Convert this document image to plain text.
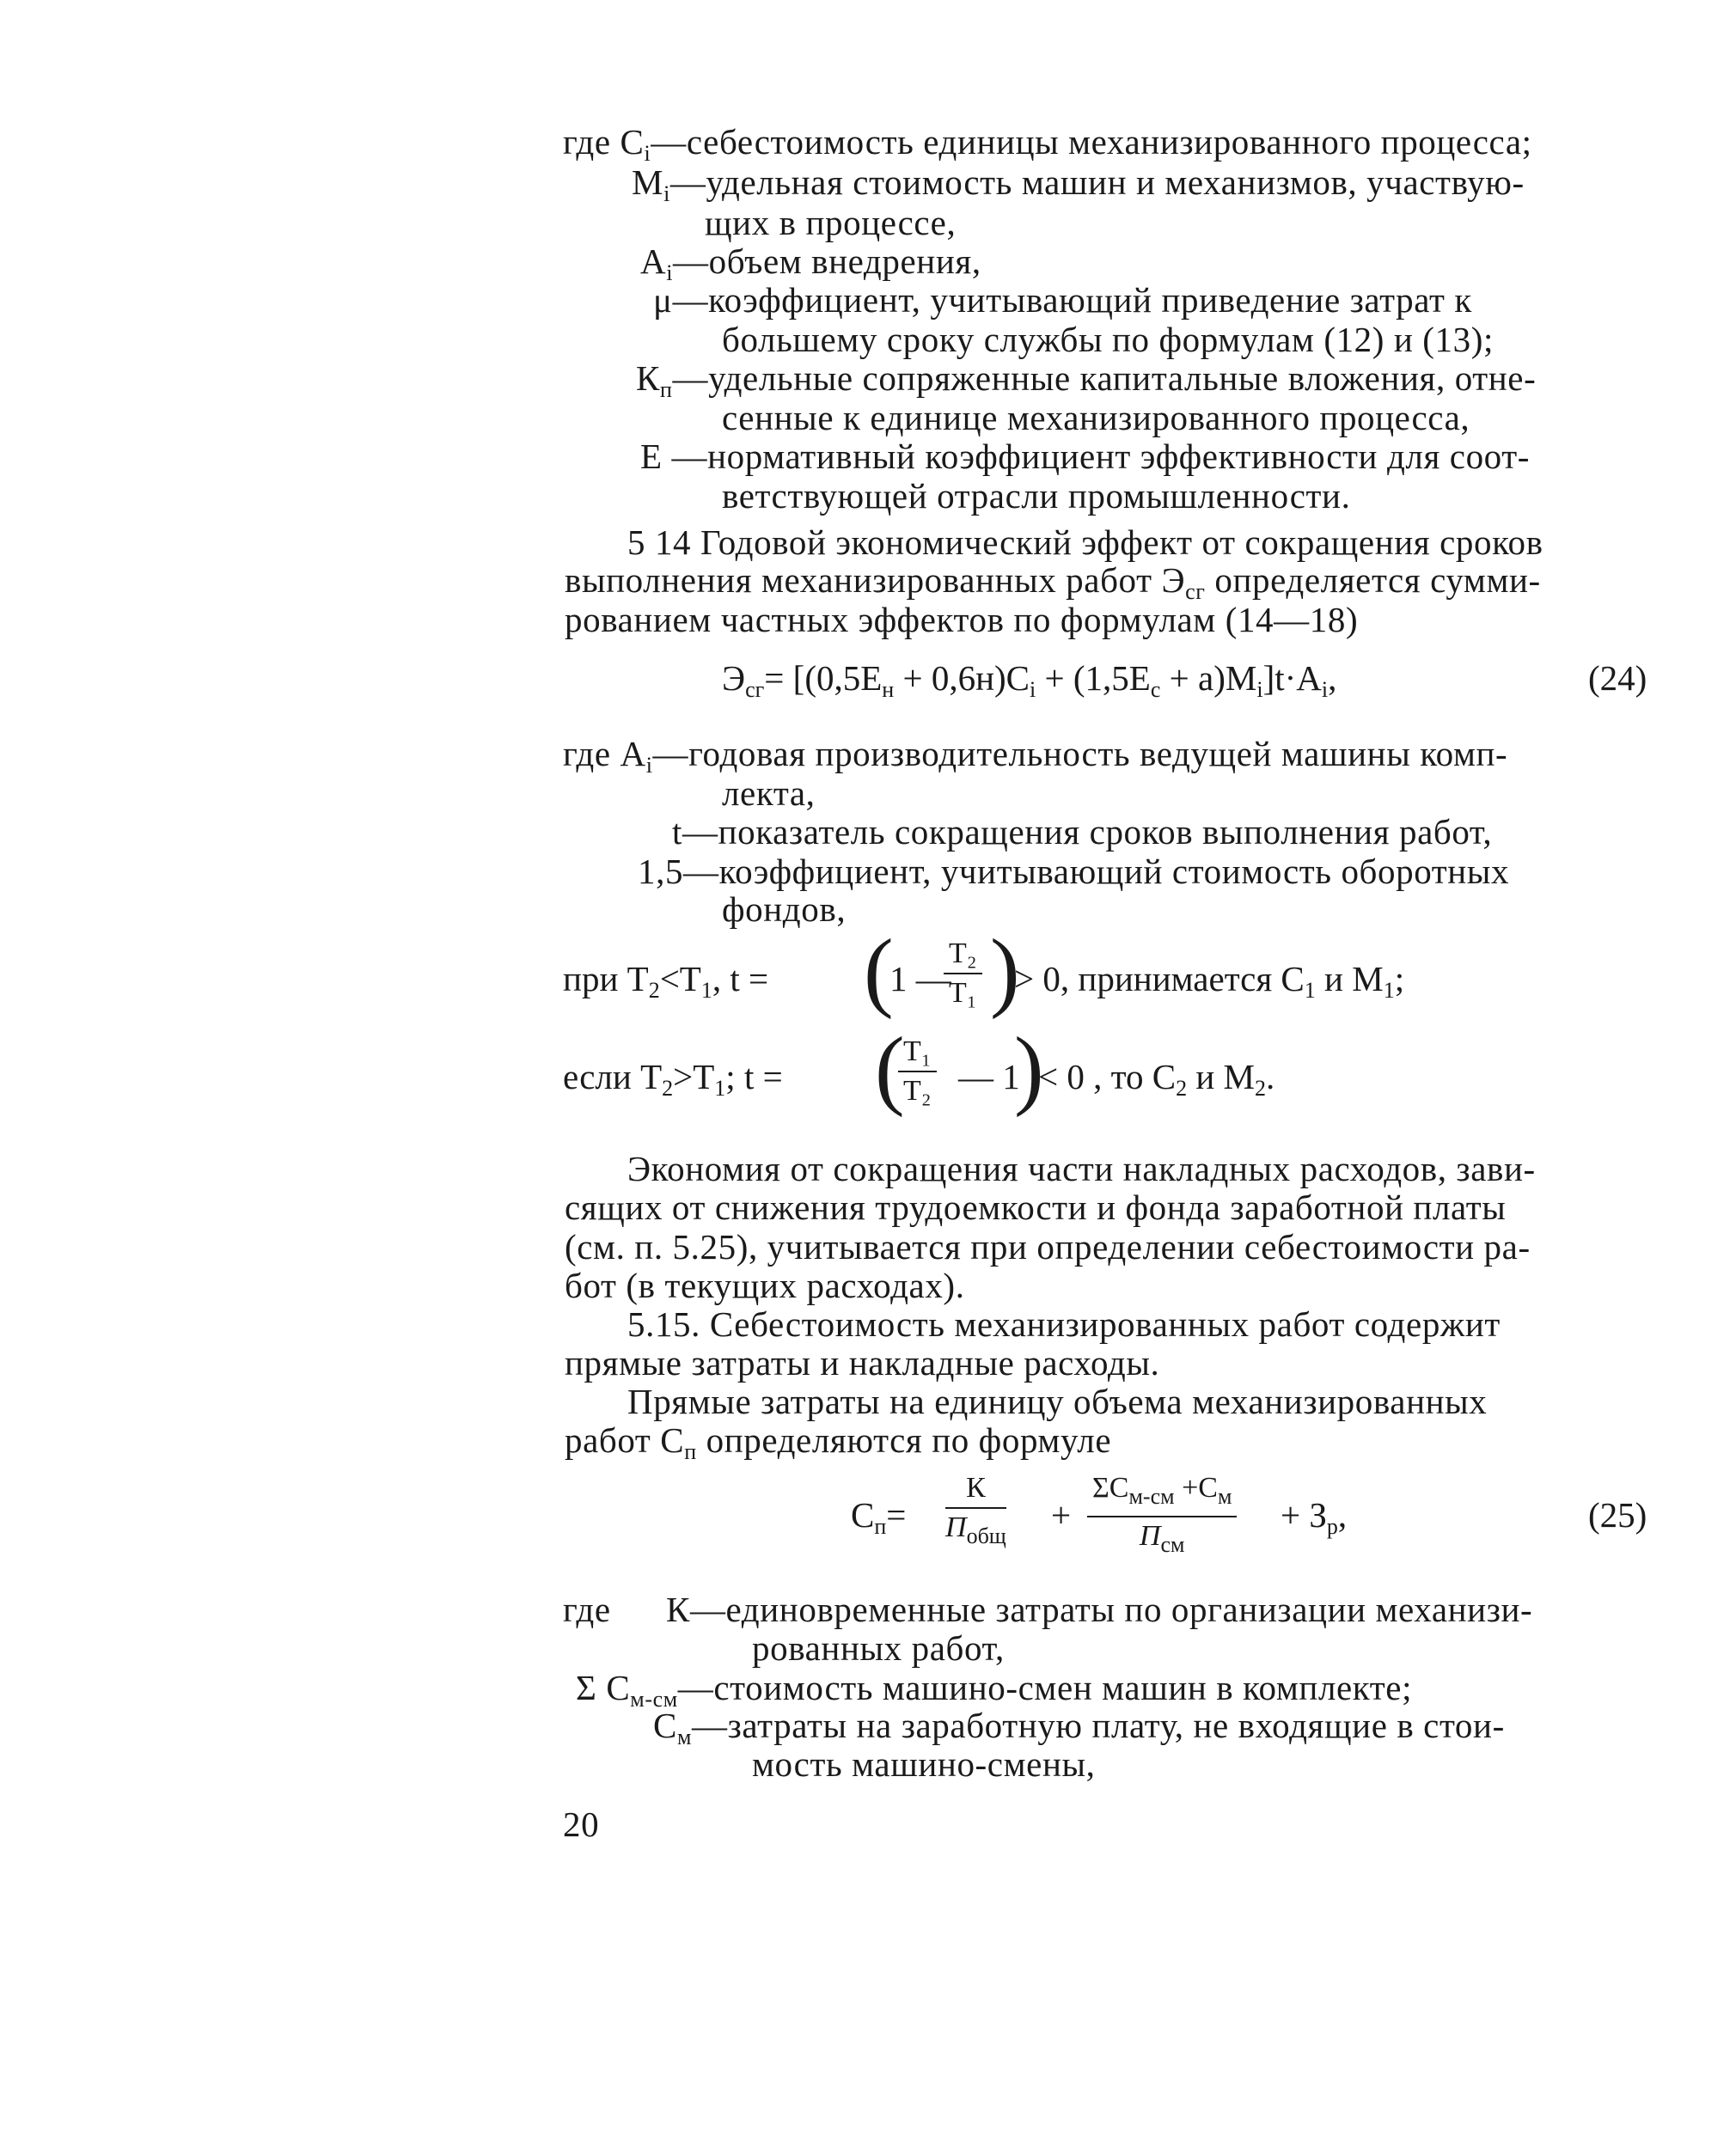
где $С_i—себестоимость$ единицы механизированного процесса;
$М_i—удельная$ стоимость машин и механизмов, участвую-
щих в процессе,
$А_i—объем$ внедрения,
μ—коэффициент, учитывающий приведение затрат к
большему сроку службы по формулам (12) и (13);
$К_п—удельные$ сопряженные капитальные вложения, отне-
сенные к единице механизированного процесса,
Е —нормативный коэффициент эффективности для соот-
ветствующей отрасли промышленности.
5 14 Годовой экономический эффект от сокращения сроков
выполнения механизированных работ $Э_{сг}$ определяется сумми-
рованием частных эффектов по формулам (14—18)
$Э_{сг}= [(0,5Е_н + 0,6н)С_i + (1,5Е_с + а)М_i]t\cdot А_i$,	(24)
где $А_i—годовая$ производительность ведущей машины комп-
лекта,
t—показатель сокращения сроков выполнения работ,
1,5—коэффициент, учитывающий стоимость оборотных
фондов,
при $Т_2<Т_1$, t = (
1 —
Т₂
Т₁ )
> 0, принимается $С_1$ и $М_1$;
если $Т_2>Т_1$; t = (
Т₁
Т₂ — 1
)
< 0 , то $С_2$ и $М_2$.
Экономия от сокращения части накладных расходов, зави-
сящих от снижения трудоемкости и фонда заработной платы
(см. п. 5.25), учитывается при определении себестоимости ра-
бот (в текущих расходах).
5.15. Себестоимость механизированных работ содержит
прямые затраты и накладные расходы.
Прямые затраты на единицу объема механизированных
работ $С_п$ определяются по формуле
$С_п=$
К
$П_{общ}$
+
$\Sigma С_{м-см} +С_м$
$П_{см}$
+ $З_р$,	(25)
где К—единовременные затраты по организации механизи-
рованных работ,
Σ $С_{м-см}—стоимость$ машино-смен машин в комплекте;
$С_м—затраты$ на заработную плату, не входящие в стои-
мость машино-смены,
20
